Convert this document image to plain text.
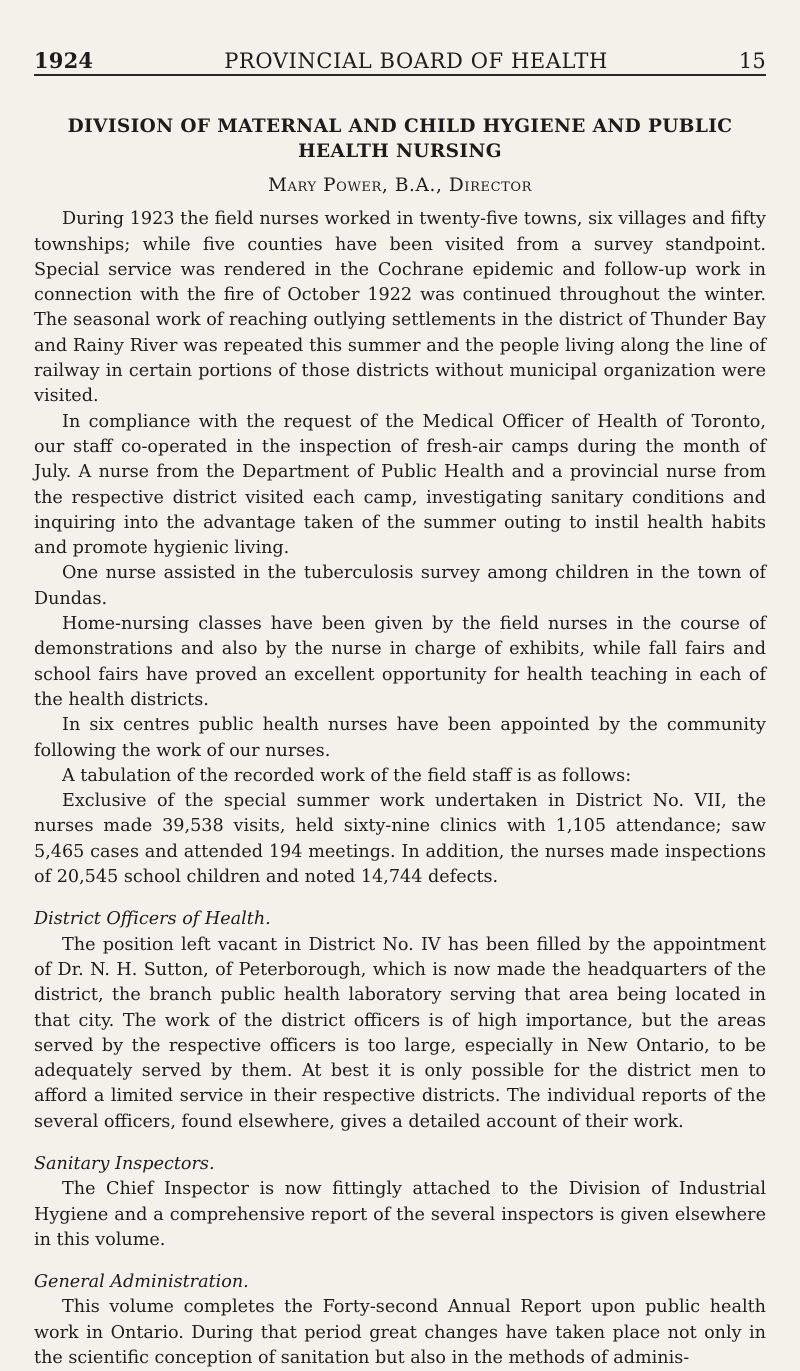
1924	PROVINCIAL BOARD OF HEALTH	15
DIVISION OF MATERNAL AND CHILD HYGIENE AND PUBLIC HEALTH NURSING
Mary Power, B.A., Director

During 1923 the field nurses worked in twenty-five towns, six villages and fifty townships; while five counties have been visited from a survey standpoint. Special service was rendered in the Cochrane epidemic and follow-up work in connection with the fire of October 1922 was continued throughout the winter. The seasonal work of reaching outlying settlements in the district of Thunder Bay and Rainy River was repeated this summer and the people living along the line of railway in certain portions of those districts without municipal organization were visited.

In compliance with the request of the Medical Officer of Health of Toronto, our staff co-operated in the inspection of fresh-air camps during the month of July. A nurse from the Department of Public Health and a provincial nurse from the respective district visited each camp, investigating sanitary conditions and inquiring into the advantage taken of the summer outing to instil health habits and promote hygienic living.

One nurse assisted in the tuberculosis survey among children in the town of Dundas.

Home-nursing classes have been given by the field nurses in the course of demonstrations and also by the nurse in charge of exhibits, while fall fairs and school fairs have proved an excellent opportunity for health teaching in each of the health districts.

In six centres public health nurses have been appointed by the community following the work of our nurses.

A tabulation of the recorded work of the field staff is as follows:

Exclusive of the special summer work undertaken in District No. VII, the nurses made 39,538 visits, held sixty-nine clinics with 1,105 attendance; saw 5,465 cases and attended 194 meetings. In addition, the nurses made inspections of 20,545 school children and noted 14,744 defects.

District Officers of Health.

The position left vacant in District No. IV has been filled by the appointment of Dr. N. H. Sutton, of Peterborough, which is now made the headquarters of the district, the branch public health laboratory serving that area being located in that city. The work of the district officers is of high importance, but the areas served by the respective officers is too large, especially in New Ontario, to be adequately served by them. At best it is only possible for the district men to afford a limited service in their respective districts. The individual reports of the several officers, found elsewhere, gives a detailed account of their work.

Sanitary Inspectors.

The Chief Inspector is now fittingly attached to the Division of Industrial Hygiene and a comprehensive report of the several inspectors is given elsewhere in this volume.

General Administration.

This volume completes the Forty-second Annual Report upon public health work in Ontario. During that period great changes have taken place not only in the scientific conception of sanitation but also in the methods of adminis-
